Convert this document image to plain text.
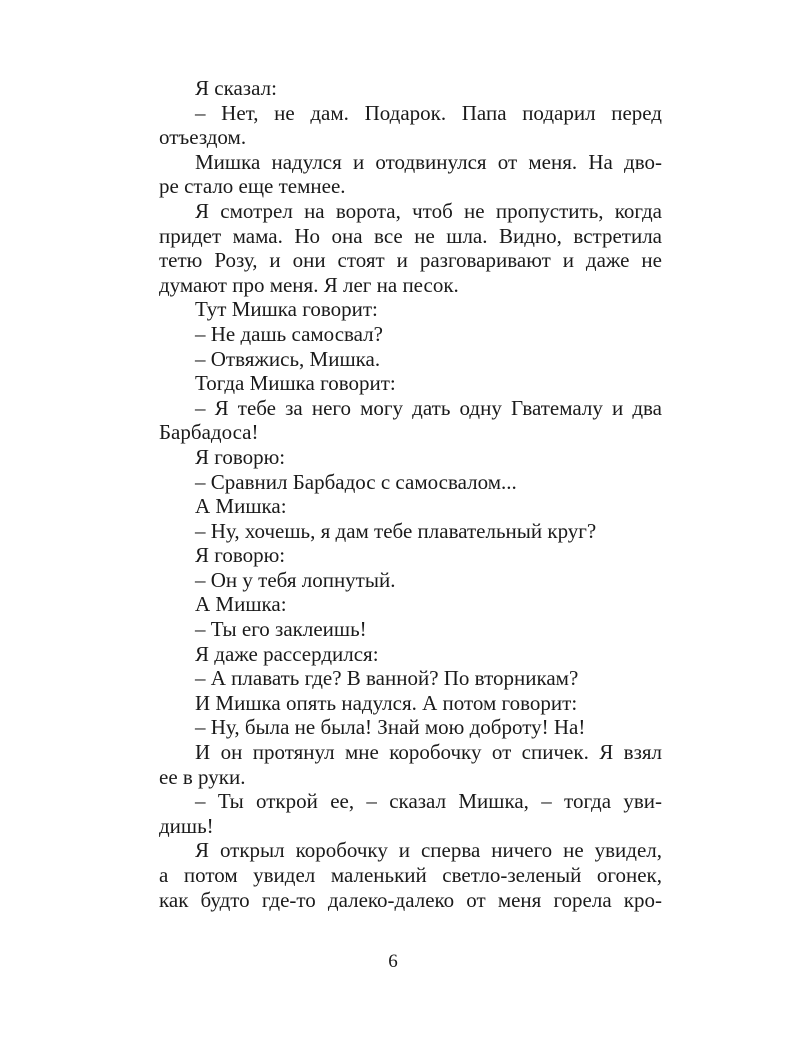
Я сказал:
– Нет, не дам. Подарок. Папа подарил перед
отъездом.
Мишка надулся и отодвинулся от меня. На дво-
ре стало еще темнее.
Я смотрел на ворота, чтоб не пропустить, когда
придет мама. Но она все не шла. Видно, встретила
тетю Розу, и они стоят и разговаривают и даже не
думают про меня. Я лег на песок.
Тут Мишка говорит:
– Не дашь самосвал?
– Отвяжись, Мишка.
Тогда Мишка говорит:
– Я тебе за него могу дать одну Гватемалу и два
Барбадоса!
Я говорю:
– Сравнил Барбадос с самосвалом...
А Мишка:
– Ну, хочешь, я дам тебе плавательный круг?
Я говорю:
– Он у тебя лопнутый.
А Мишка:
– Ты его заклеишь!
Я даже рассердился:
– А плавать где? В ванной? По вторникам?
И Мишка опять надулся. А потом говорит:
– Ну, была не была! Знай мою доброту! На!
И он протянул мне коробочку от спичек. Я взял
ее в руки.
– Ты открой ее, – сказал Мишка, – тогда уви-
дишь!
Я открыл коробочку и сперва ничего не увидел,
а потом увидел маленький светло-зеленый огонек,
как будто где-то далеко-далеко от меня горела кро-
6
